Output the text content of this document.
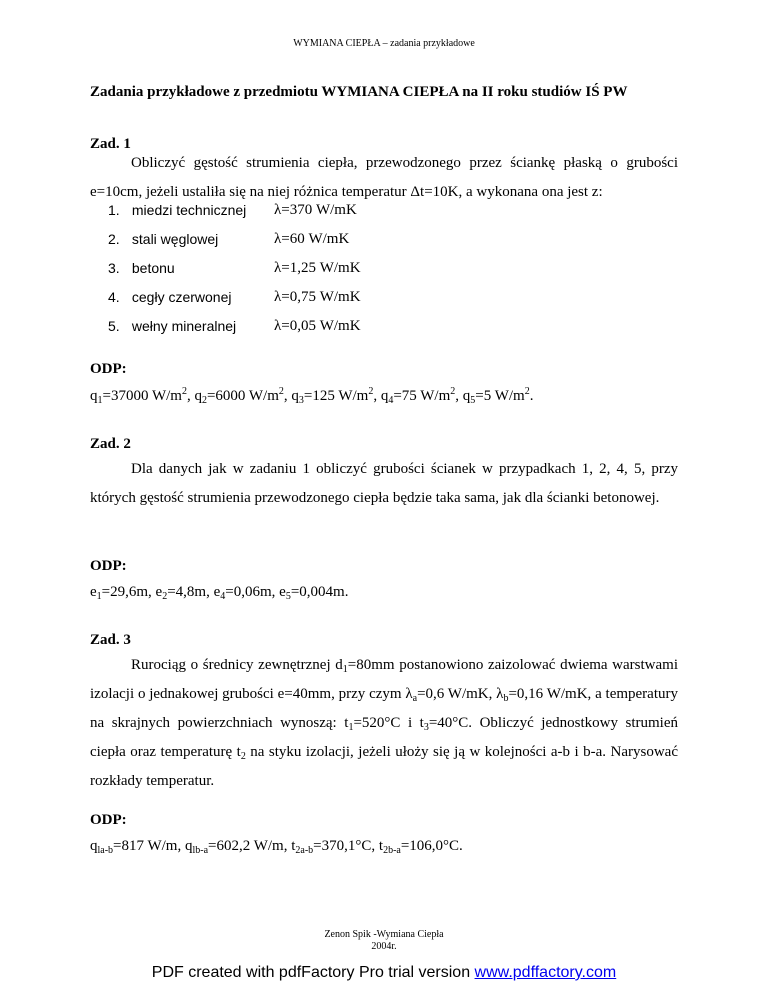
WYMIANA CIEPŁA – zadania przykładowe
Zadania przykładowe z przedmiotu WYMIANA CIEPŁA na II roku studiów IŚ PW
Zad. 1
Obliczyć gęstość strumienia ciepła, przewodzonego przez ściankę płaską o grubości e=10cm, jeżeli ustaliła się na niej różnica temperatur Δt=10K, a wykonana ona jest z:
1. miedzi technicznej λ=370 W/mK
2. stali węglowej	λ=60 W/mK
3. betonu	λ=1,25 W/mK
4. cegły czerwonej	λ=0,75 W/mK
5. wełny mineralnej	λ=0,05 W/mK
ODP:
$q_1=37000$ $W/m^2$, $q_2=6000$ $W/m^2$, $q_3=125$ $W/m^2$, $q_4=75$ $W/m^2$, $q_5=5$ $W/m^2$.
Zad. 2
Dla danych jak w zadaniu 1 obliczyć grubości ścianek w przypadkach 1, 2, 4, 5, przy których gęstość strumienia przewodzonego ciepła będzie taka sama, jak dla ścianki betonowej.
ODP:
$e_1=29,6m$, $e_2=4,8m$, $e_4=0,06m$, $e_5=0,004m$.
Zad. 3
Rurociąg o średnicy zewnętrznej $d_1=80mm$ postanowiono zaizolować dwiema warstwami izolacji o jednakowej grubości e=40mm, przy czym $\lambda_a=0,6$ W/mK, $\lambda_b=0,16$ W/mK, a temperatury na skrajnych powierzchniach wynoszą: $t_1=520^\circ C$ i $t_3=40^\circ C$. Obliczyć jednostkowy strumień ciepła oraz temperaturę $t_2$ na styku izolacji, jeżeli ułoży się ją w kolejności a-b i b-a. Narysować rozkłady temperatur.
ODP:
$q_{la-b}=817$ W/m, $q_{lb-a}=602,2$ W/m, $t_{2a-b}=370,1^\circ C$, $t_{2b-a}=106,0^\circ C$.
Zenon Spik -Wymiana Ciepła
2004r.
PDF created with pdfFactory Pro trial version www.pdffactory.com
